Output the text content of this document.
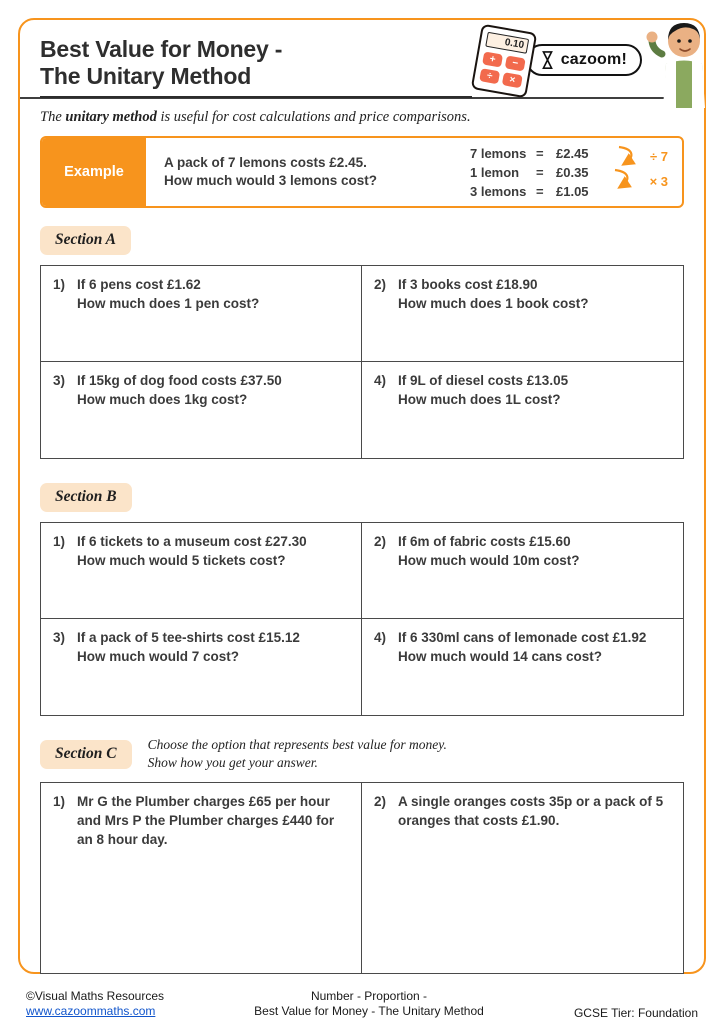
Best Value for Money -
The Unitary Method
0.10
+	−
÷	×
cazoom!

The unitary method is useful for cost calculations and price comparisons.

Example
A pack of 7 lemons costs £2.45.
How much would 3 lemons cost?
7 lemons = £2.45
1 lemon	= £0.35
3 lemons = £1.05
÷ 7
× 3
Section A
1) If 6 pens cost £1.62
How much does 1 pen cost?
2) If 3 books cost £18.90
How much does 1 book cost?
3) If 15kg of dog food costs £37.50
How much does 1kg cost?
4) If 9L of diesel costs £13.05
How much does 1L cost?
Section B
1) If 6 tickets to a museum cost £27.30
How much would 5 tickets cost?
2) If 6m of fabric costs £15.60
How much would 10m cost?
3) If a pack of 5 tee-shirts cost £15.12
How much would 7 cost?
4) If 6 330ml cans of lemonade cost £1.92
How much would 14 cans cost?
Section C
Choose the option that represents best value for money.
Show how you get your answer.
1) Mr G the Plumber charges £65 per hour and Mrs P the Plumber charges £440 for an 8 hour day.
2) A single oranges costs 35p or a pack of 5 oranges that costs £1.90.
©Visual Maths Resources
www.cazoommaths.com
Number - Proportion -
Best Value for Money - The Unitary Method	GCSE Tier: Foundation
